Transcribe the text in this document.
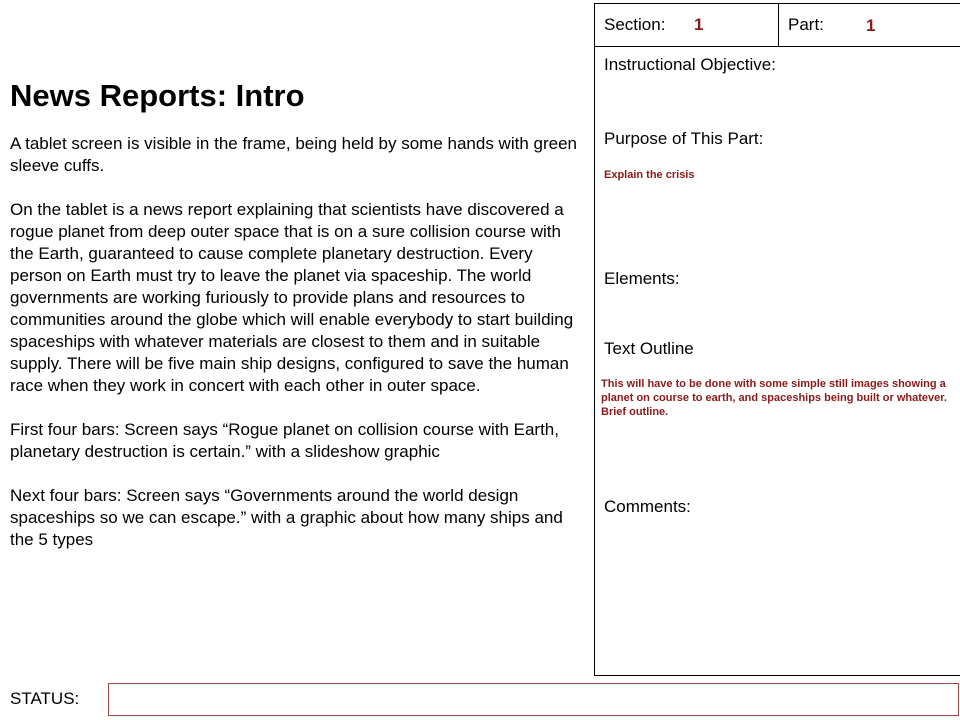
News Reports: Intro

A tablet screen is visible in the frame, being held by some hands with green sleeve cuffs.

On the tablet is a news report explaining that scientists have discovered a rogue planet from deep outer space that is on a sure collision course with the Earth, guaranteed to cause complete planetary destruction. Every person on Earth must try to leave the planet via spaceship. The world governments are working furiously to provide plans and resources to communities around the globe which will enable everybody to start building spaceships with whatever materials are closest to them and in suitable supply. There will be five main ship designs, configured to save the human race when they work in concert with each other in outer space.

First four bars: Screen says “Rogue planet on collision course with Earth, planetary destruction is certain.” with a slideshow graphic

Next four bars: Screen says “Governments around the world design spaceships so we can escape.” with a graphic about how many ships and the 5 types

Section: 1	Part: 1
Instructional Objective:
Purpose of This Part:
Explain the crisis
Elements:
Text Outline
This will have to be done with some simple still images showing a planet on course to earth, and spaceships being built or whatever. Brief outline.
Comments:
STATUS:
